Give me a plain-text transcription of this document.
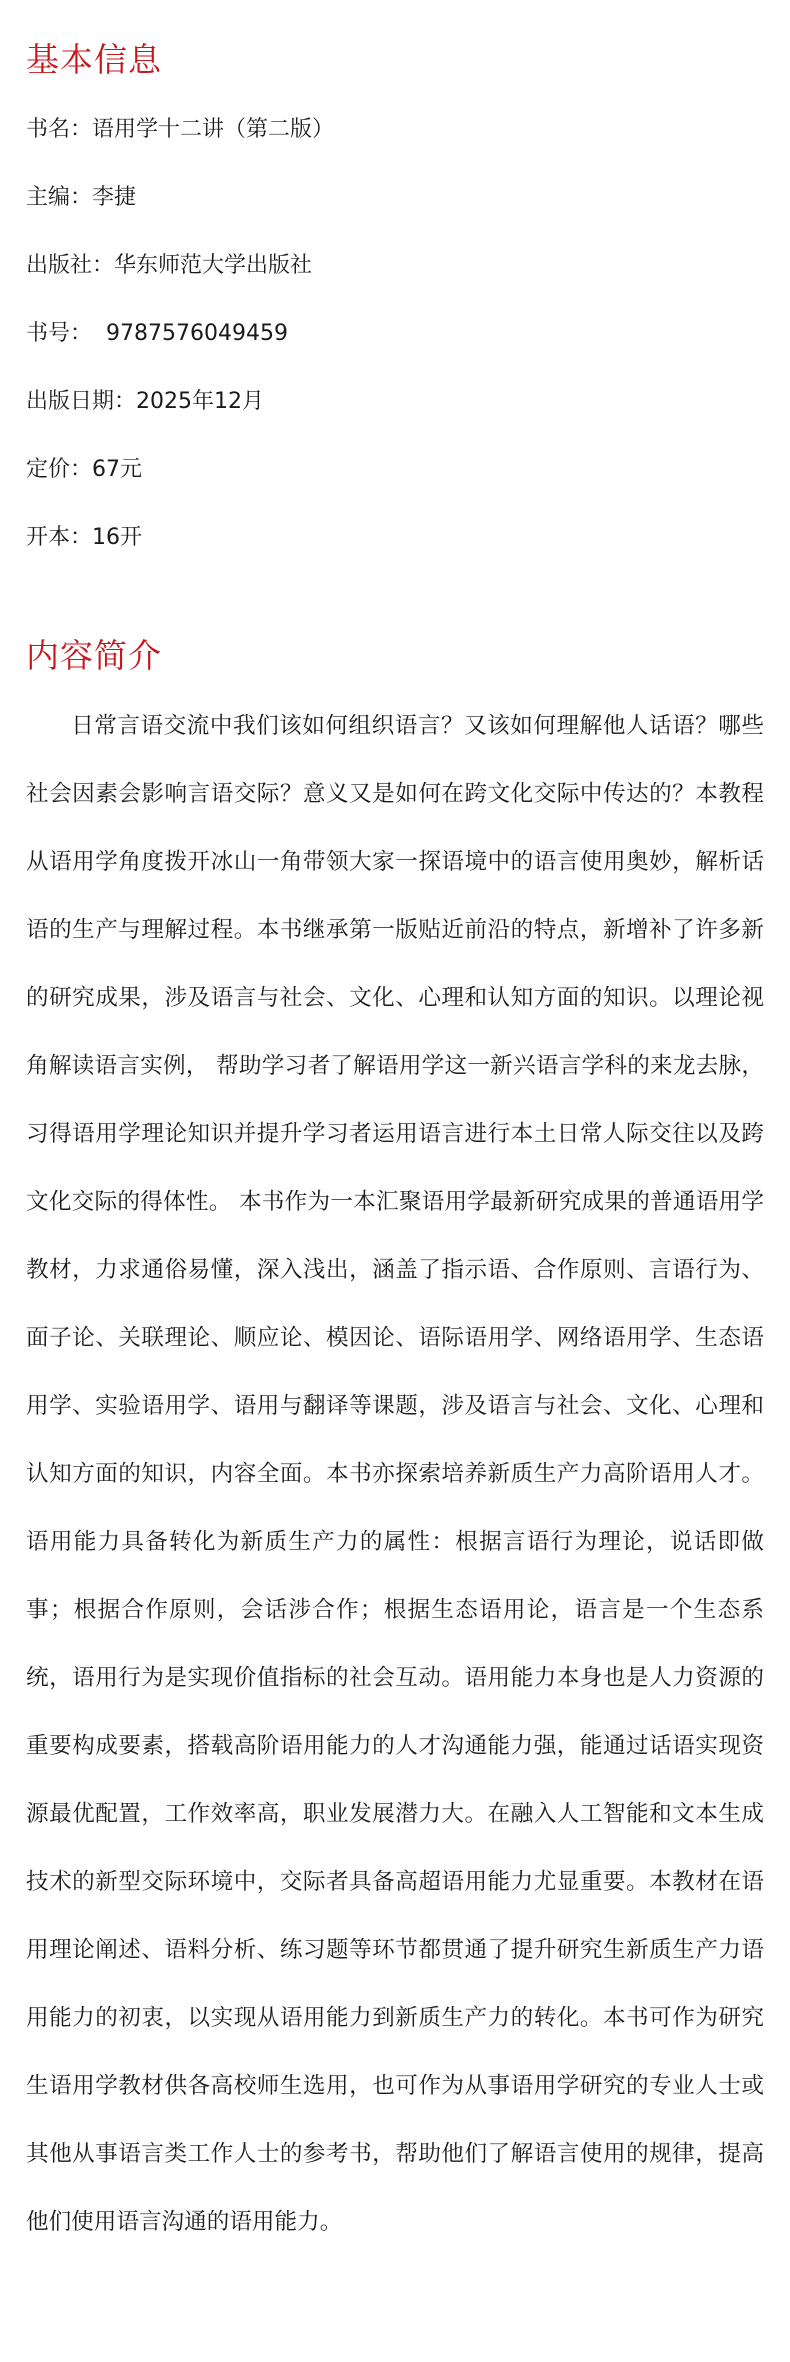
基本信息
书名：语用学十二讲（第二版）
主编：李捷
出版社：华东师范大学出版社
书号：  9787576049459
出版日期：2025年12月
定价：67元
开本：16开
内容简介

日常言语交流中我们该如何组织语言？又该如何理解他人话语？哪些社会因素会影响言语交际？意义又是如何在跨文化交际中传达的？本教程从语用学角度拨开冰山一角带领大家一探语境中的语言使用奥妙，解析话语的生产与理解过程。本书继承第一版贴近前沿的特点，新增补了许多新的研究成果，涉及语言与社会、文化、心理和认知方面的知识。以理论视角解读语言实例， 帮助学习者了解语用学这一新兴语言学科的来龙去脉，习得语用学理论知识并提升学习者运用语言进行本土日常人际交往以及跨文化交际的得体性。 本书作为一本汇聚语用学最新研究成果的普通语用学教材，力求通俗易懂，深入浅出，涵盖了指示语、合作原则、言语行为、面子论、关联理论、顺应论、模因论、语际语用学、网络语用学、生态语用学、实验语用学、语用与翻译等课题，涉及语言与社会、文化、心理和认知方面的知识，内容全面。本书亦探索培养新质生产力高阶语用人才。语用能力具备转化为新质生产力的属性：根据言语行为理论，说话即做事；根据合作原则，会话涉合作；根据生态语用论，语言是一个生态系统，语用行为是实现价值指标的社会互动。语用能力本身也是人力资源的重要构成要素，搭载高阶语用能力的人才沟通能力强，能通过话语实现资源最优配置，工作效率高，职业发展潜力大。在融入人工智能和文本生成技术的新型交际环境中，交际者具备高超语用能力尤显重要。本教材在语用理论阐述、语料分析、练习题等环节都贯通了提升研究生新质生产力语用能力的初衷，以实现从语用能力到新质生产力的转化。本书可作为研究生语用学教材供各高校师生选用，也可作为从事语用学研究的专业人士或其他从事语言类工作人士的参考书，帮助他们了解语言使用的规律，提高他们使用语言沟通的语用能力。
